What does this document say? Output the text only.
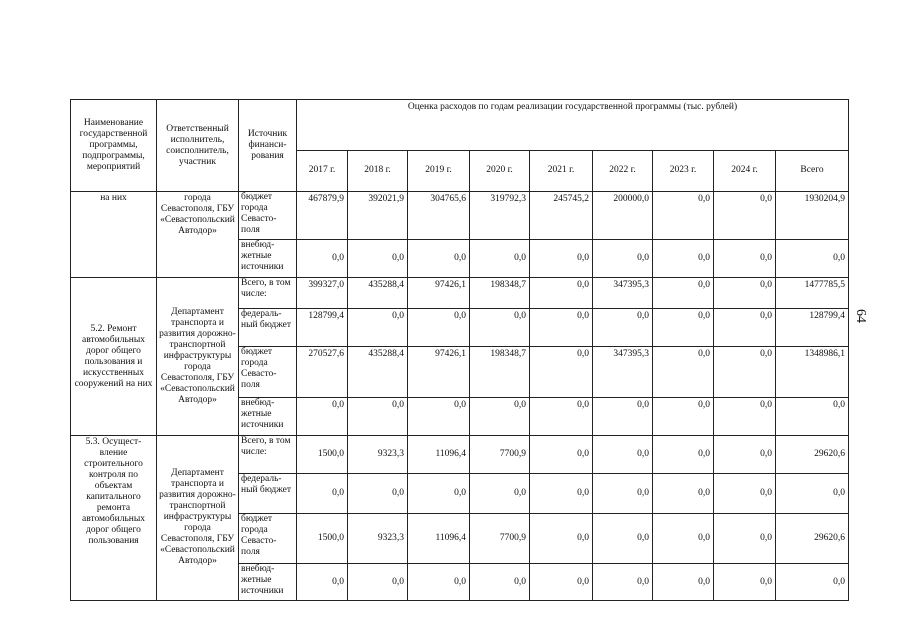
64
Наименование государственной программы, подпрограммы, мероприятий	Ответственный исполнитель, соисполнитель, участник	Источник финанси-рования	Оценка расходов по годам реализации государственной программы (тыс. рублей)								
			2017 г.	2018 г.	2019 г.	2020 г.	2021 г.	2022 г.	2023 г.	2024 г.	Всего
на них	города Севастополя, ГБУ «Севастопольский Автодор»	бюджет города Севасто-поля	467879,9	392021,9	304765,6	319792,3	245745,2	200000,0	0,0	0,0	1930204,9
		внебюд-жетные источники	0,0	0,0	0,0	0,0	0,0	0,0	0,0	0,0	0,0
5.2. Ремонт автомобильных дорог общего пользования и искусственных сооружений на них	Департамент транспорта и развития дорожно-транспортной инфраструктуры города Севастополя, ГБУ «Севастопольский Автодор»	Всего, в том числе:	399327,0	435288,4	97426,1	198348,7	0,0	347395,3	0,0	0,0	1477785,5
		федераль-ный бюджет	128799,4	0,0	0,0	0,0	0,0	0,0	0,0	0,0	128799,4
		бюджет города Севасто-поля	270527,6	435288,4	97426,1	198348,7	0,0	347395,3	0,0	0,0	1348986,1
		внебюд-жетные источники	0,0	0,0	0,0	0,0	0,0	0,0	0,0	0,0	0,0
5.3. Осущест-вление строительного контроля по объектам капитального ремонта автомобильных дорог общего пользования	Департамент транспорта и развития дорожно-транспортной инфраструктуры города Севастополя, ГБУ «Севастопольский Автодор»	Всего, в том числе:	1500,0	9323,3	11096,4	7700,9	0,0	0,0	0,0	0,0	29620,6
		федераль-ный бюджет	0,0	0,0	0,0	0,0	0,0	0,0	0,0	0,0	0,0
		бюджет города Севасто-поля	1500,0	9323,3	11096,4	7700,9	0,0	0,0	0,0	0,0	29620,6
		внебюд-жетные источники	0,0	0,0	0,0	0,0	0,0	0,0	0,0	0,0	0,0
